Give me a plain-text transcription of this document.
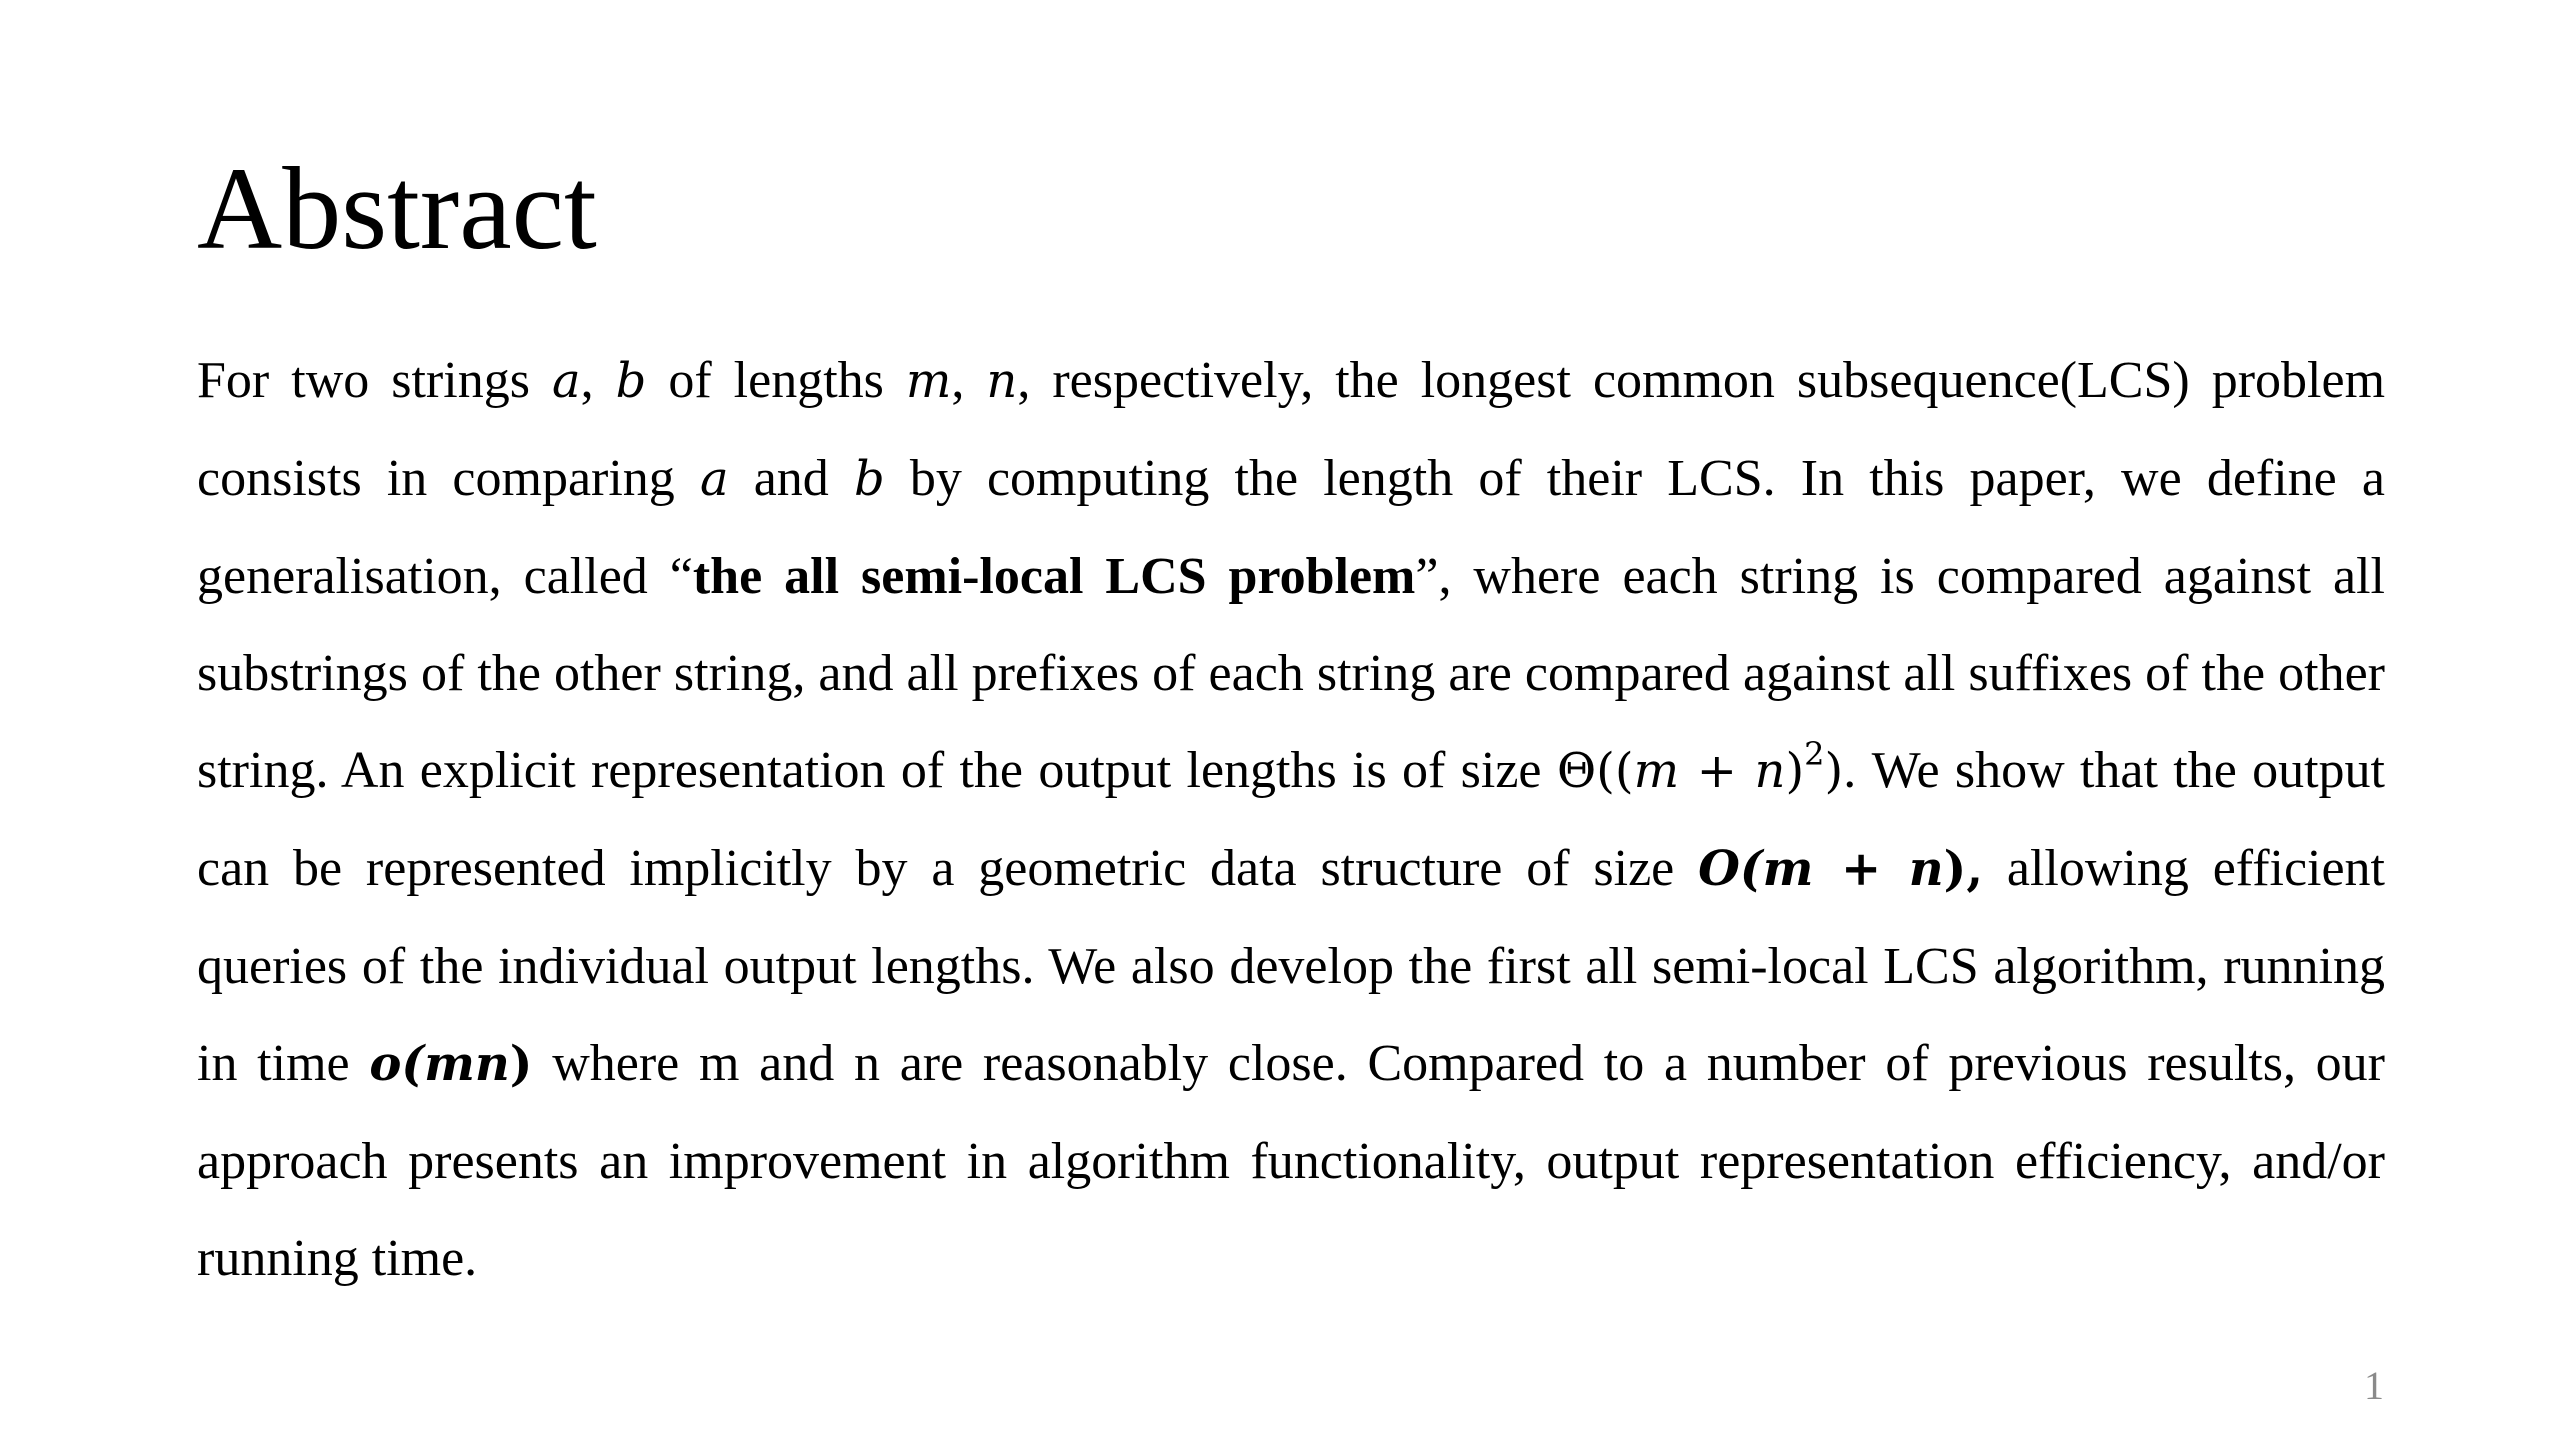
Abstract

For two strings a, b of lengths m, n, respectively, the longest common subsequence(LCS) problem consists in comparing a and b by computing the length of their LCS. In this paper, we define a generalisation, called “the all semi-local LCS problem”, where each string is compared against all substrings of the other string, and all prefixes of each string are compared against all suffixes of the other string. An explicit representation of the output lengths is of size $\Theta((m + n)^2)$. We show that the output can be represented implicitly by a geometric data structure of size O(m + n), allowing efficient queries of the individual output lengths. We also develop the first all semi-local LCS algorithm, running in time o(mn) where m and n are reasonably close. Compared to a number of previous results, our approach presents an improvement in algorithm functionality, output representation efficiency, and/or running time.

1
